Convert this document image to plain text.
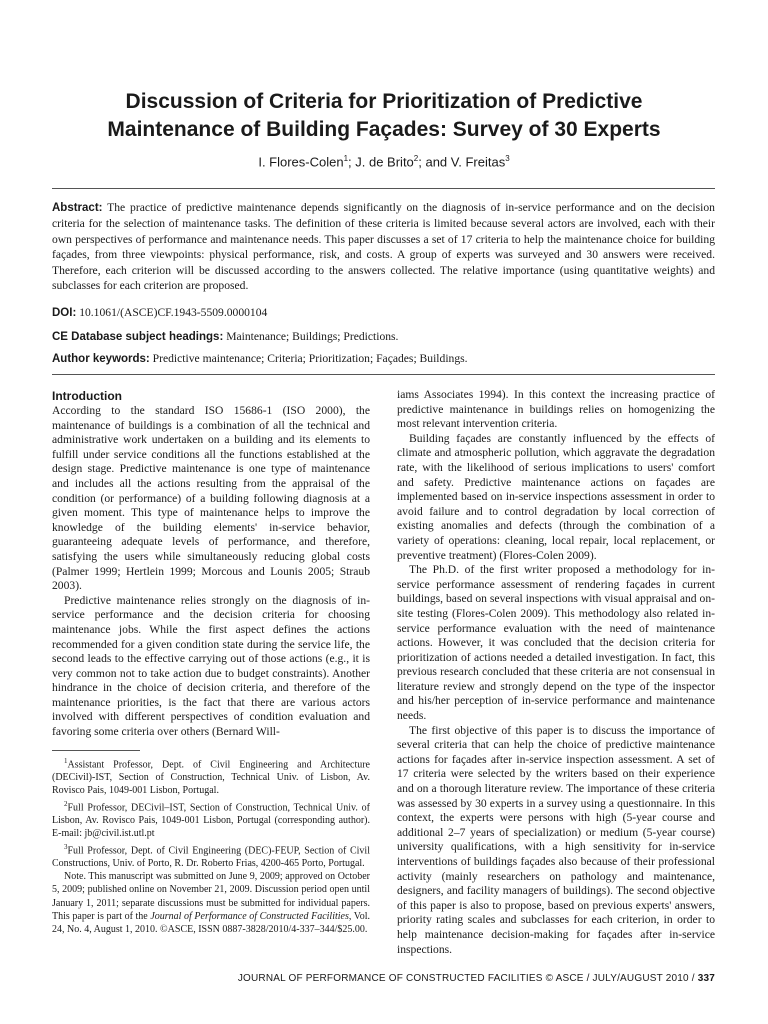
Discussion of Criteria for Prioritization of Predictive Maintenance of Building Façades: Survey of 30 Experts
I. Flores-Colen$^1$; J. de Brito$^2$; and V. Freitas$^3$
Abstract: The practice of predictive maintenance depends significantly on the diagnosis of in-service performance and on the decision criteria for the selection of maintenance tasks. The definition of these criteria is limited because several actors are involved, each with their own perspectives of performance and maintenance needs. This paper discusses a set of 17 criteria to help the maintenance choice for building façades, from three viewpoints: physical performance, risk, and costs. A group of experts was surveyed and 30 answers were received. Therefore, each criterion will be discussed according to the answers collected. The relative importance (using quantitative weights) and subclasses for each criterion are proposed.
DOI: 10.1061/(ASCE)CF.1943-5509.0000104
CE Database subject headings: Maintenance; Buildings; Predictions.
Author keywords: Predictive maintenance; Criteria; Prioritization; Façades; Buildings.

Introduction

According to the standard ISO 15686-1 (ISO 2000), the maintenance of buildings is a combination of all the technical and administrative work undertaken on a building and its elements to fulfill under service conditions all the functions established at the design stage. Predictive maintenance is one type of maintenance and includes all the actions resulting from the appraisal of the condition (or performance) of a building following diagnosis at a given moment. This type of maintenance helps to improve the knowledge of the building elements' in-service behavior, guaranteeing adequate levels of performance, and therefore, satisfying the users while simultaneously reducing global costs (Palmer 1999; Hertlein 1999; Morcous and Lounis 2005; Straub 2003).

Predictive maintenance relies strongly on the diagnosis of in-service performance and the decision criteria for choosing maintenance jobs. While the first aspect defines the actions recommended for a given condition state during the service life, the second leads to the effective carrying out of those actions (e.g., it is very common not to take action due to budget constraints). Another hindrance in the choice of decision criteria, and therefore of the maintenance priorities, is the fact that there are various actors involved with different perspectives of condition evaluation and favoring some criteria over others (Bernard Will-

$^1$Assistant Professor, Dept. of Civil Engineering and Architecture (DECivil)-IST, Section of Construction, Technical Univ. of Lisbon, Av. Rovisco Pais, 1049-001 Lisbon, Portugal.

$^2$Full Professor, DECivil–IST, Section of Construction, Technical Univ. of Lisbon, Av. Rovisco Pais, 1049-001 Lisbon, Portugal (corresponding author). E-mail: jb@civil.ist.utl.pt

$^3$Full Professor, Dept. of Civil Engineering (DEC)-FEUP, Section of Civil Constructions, Univ. of Porto, R. Dr. Roberto Frias, 4200-465 Porto, Portugal.

Note. This manuscript was submitted on June 9, 2009; approved on October 5, 2009; published online on November 21, 2009. Discussion period open until January 1, 2011; separate discussions must be submitted for individual papers. This paper is part of the Journal of Performance of Constructed Facilities, Vol. 24, No. 4, August 1, 2010. ©ASCE, ISSN 0887-3828/2010/4-337–344/$25.00.

iams Associates 1994). In this context the increasing practice of predictive maintenance in buildings relies on homogenizing the most relevant intervention criteria.

Building façades are constantly influenced by the effects of climate and atmospheric pollution, which aggravate the degradation rate, with the likelihood of serious implications to users' comfort and safety. Predictive maintenance actions on façades are implemented based on in-service inspections assessment in order to avoid failure and to control degradation by local correction of existing anomalies and defects (through the combination of a variety of operations: cleaning, local repair, local replacement, or preventive treatment) (Flores-Colen 2009).

The Ph.D. of the first writer proposed a methodology for in-service performance assessment of rendering façades in current buildings, based on several inspections with visual appraisal and on-site testing (Flores-Colen 2009). This methodology also related in-service performance evaluation with the need of maintenance actions. However, it was concluded that the decision criteria for prioritization of actions needed a detailed investigation. In fact, this previous research concluded that these criteria are not consensual in literature review and strongly depend on the type of the inspector and his/her perception of in-service performance and maintenance needs.

The first objective of this paper is to discuss the importance of several criteria that can help the choice of predictive maintenance actions for façades after in-service inspection assessment. A set of 17 criteria were selected by the writers based on their experience and on a thorough literature review. The importance of these criteria was assessed by 30 experts in a survey using a questionnaire. In this context, the experts were persons with high (5-year course and additional 2–7 years of specialization) or medium (5-year course) university qualifications, with a high sensitivity for in-service interventions of buildings façades also because of their professional activity (mainly researchers on pathology and maintenance, designers, and facility managers of buildings). The second objective of this paper is also to propose, based on previous experts' answers, priority rating scales and subclasses for each criterion, in order to help maintenance decision-making for façades after in-service inspections.

JOURNAL OF PERFORMANCE OF CONSTRUCTED FACILITIES © ASCE / JULY/AUGUST 2010 / 337
